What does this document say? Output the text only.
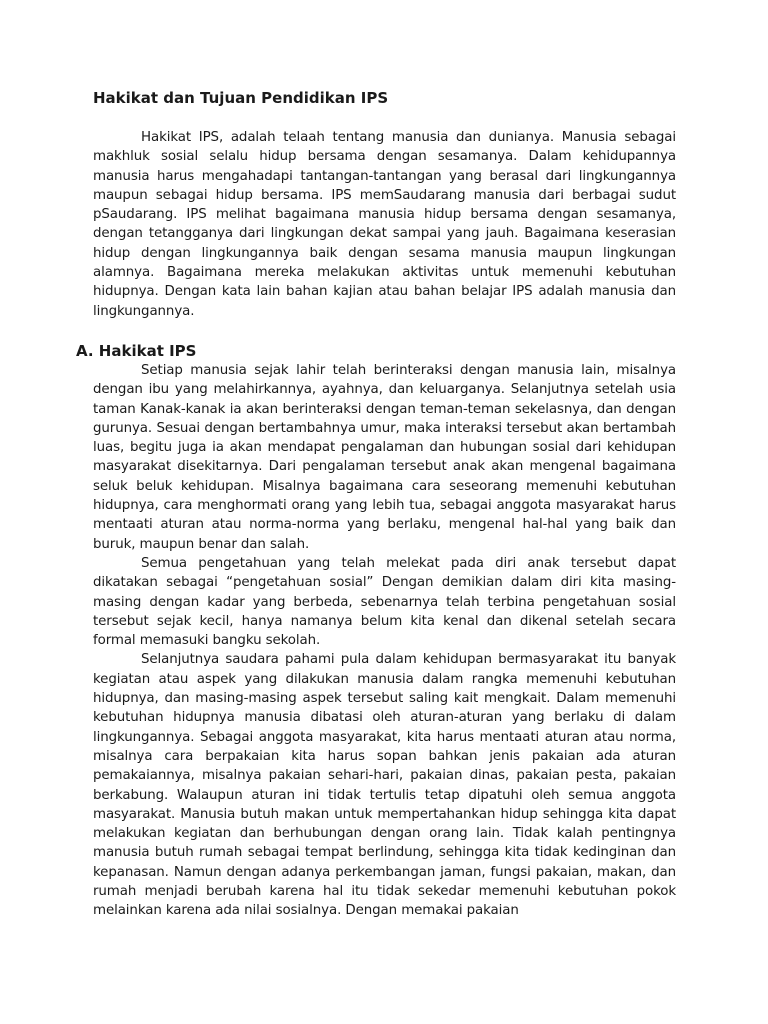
Hakikat dan Tujuan Pendidikan IPS

Hakikat IPS, adalah telaah tentang manusia dan dunianya. Manusia sebagai makhluk sosial selalu hidup bersama dengan sesamanya. Dalam kehidupannya manusia harus mengahadapi tantangan-tantangan yang berasal dari lingkungannya maupun sebagai hidup bersama. IPS memSaudarang manusia dari berbagai sudut pSaudarang. IPS melihat bagaimana manusia hidup bersama dengan sesamanya, dengan tetangganya dari lingkungan dekat sampai yang jauh. Bagaimana keserasian hidup dengan lingkungannya baik dengan sesama manusia maupun lingkungan alamnya. Bagaimana mereka melakukan aktivitas untuk memenuhi kebutuhan hidupnya. Dengan kata lain bahan kajian atau bahan belajar IPS adalah manusia dan lingkungannya.

A. Hakikat IPS

Setiap manusia sejak lahir telah berinteraksi dengan manusia lain, misalnya dengan ibu yang melahirkannya, ayahnya, dan keluarganya. Selanjutnya setelah usia taman Kanak-kanak ia akan berinteraksi dengan teman-teman sekelasnya, dan dengan gurunya. Sesuai dengan bertambahnya umur, maka interaksi tersebut akan bertambah luas, begitu juga ia akan mendapat pengalaman dan hubungan sosial dari kehidupan masyarakat disekitarnya. Dari pengalaman tersebut anak akan mengenal bagaimana seluk beluk kehidupan. Misalnya bagaimana cara seseorang memenuhi kebutuhan hidupnya, cara menghormati orang yang lebih tua, sebagai anggota masyarakat harus mentaati aturan atau norma-norma yang berlaku, mengenal hal-hal yang baik dan buruk, maupun benar dan salah.

Semua pengetahuan yang telah melekat pada diri anak tersebut dapat dikatakan sebagai “pengetahuan sosial” Dengan demikian dalam diri kita masing-masing dengan kadar yang berbeda, sebenarnya telah terbina pengetahuan sosial tersebut sejak kecil, hanya namanya belum kita kenal dan dikenal setelah secara formal memasuki bangku sekolah.

Selanjutnya saudara pahami pula dalam kehidupan bermasyarakat itu banyak kegiatan atau aspek yang dilakukan manusia dalam rangka memenuhi kebutuhan hidupnya, dan masing-masing aspek tersebut saling kait mengkait. Dalam memenuhi kebutuhan hidupnya manusia dibatasi oleh aturan-aturan yang berlaku di dalam lingkungannya. Sebagai anggota masyarakat, kita harus mentaati aturan atau norma, misalnya cara berpakaian kita harus sopan bahkan jenis pakaian ada aturan pemakaiannya, misalnya pakaian sehari-hari, pakaian dinas, pakaian pesta, pakaian berkabung. Walaupun aturan ini tidak tertulis tetap dipatuhi oleh semua anggota masyarakat. Manusia butuh makan untuk mempertahankan hidup sehingga kita dapat melakukan kegiatan dan berhubungan dengan orang lain. Tidak kalah pentingnya manusia butuh rumah sebagai tempat berlindung, sehingga kita tidak kedinginan dan kepanasan. Namun dengan adanya perkembangan jaman, fungsi pakaian, makan, dan rumah menjadi berubah karena hal itu tidak sekedar memenuhi kebutuhan pokok melainkan karena ada nilai sosialnya. Dengan memakai pakaian
